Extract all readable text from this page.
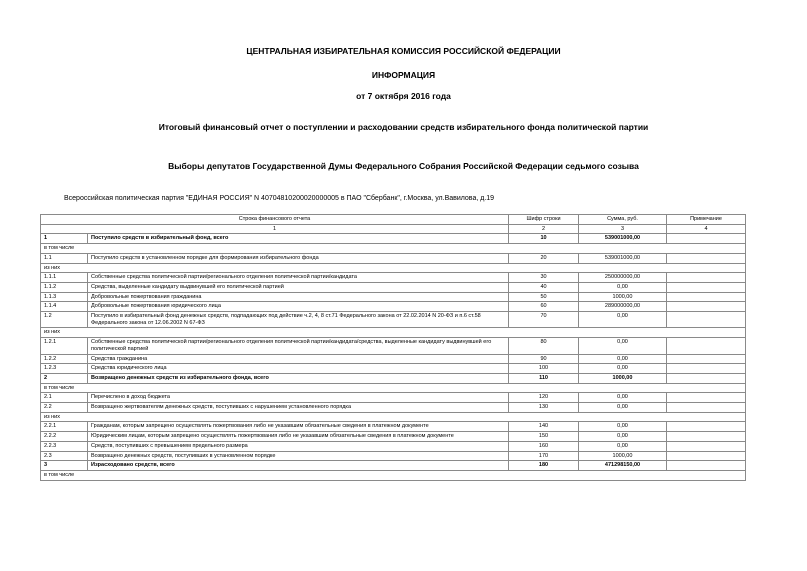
ЦЕНТРАЛЬНАЯ ИЗБИРАТЕЛЬНАЯ КОМИССИЯ РОССИЙСКОЙ ФЕДЕРАЦИИ
ИНФОРМАЦИЯ
от 7 октября 2016 года
Итоговый финансовый отчет о поступлении и расходовании средств избирательного фонда политической партии
Выборы депутатов Государственной Думы Федерального Собрания Российской Федерации седьмого созыва
Всероссийская политическая партия "ЕДИНАЯ РОССИЯ" N 40704810200020000005 в ПАО "Сбербанк", г.Москва, ул.Вавилова, д.19
Строка финансового отчета		Шифр строки	Сумма, руб.	Примечание
1		2	3	4
1	Поступило средств в избирательный фонд, всего	10	539001000,00	
в том числе				
1.1	Поступило средств в установленном порядке для формирования избирательного фонда	20	539001000,00	
из них				
1.1.1	Собственные средства политической партии/регионального отделения политической партии/кандидата	30	250000000,00	
1.1.2	Средства, выделенные кандидату выдвинувшей его политической партией	40	0,00	
1.1.3	Добровольные пожертвования гражданина	50	1000,00	
1.1.4	Добровольные пожертвования юридического лица	60	289000000,00	
1.2	Поступило в избирательный фонд денежных средств, подпадающих под действие ч.2, 4, 8 ст.71 Федерального закона от 22.02.2014 N 20-ФЗ и п.6 ст.58 Федерального закона от 12.06.2002 N 67-ФЗ	70	0,00	
из них				
1.2.1	Собственные средства политической партии/регионального отделения политической партии/кандидата/средства, выделенные кандидату выдвинувшей его политической партией	80	0,00	
1.2.2	Средства гражданина	90	0,00	
1.2.3	Средства юридического лица	100	0,00	
2	Возвращено денежных средств из избирательного фонда, всего	110	1000,00	
в том числе				
2.1	Перечислено в доход бюджета	120	0,00	
2.2	Возвращено жертвователям денежных средств, поступивших с нарушением установленного порядка	130	0,00	
из них				
2.2.1	Гражданам, которым запрещено осуществлять пожертвования либо не указавшим обязательные сведения в платежном документе	140	0,00	
2.2.2	Юридическим лицам, которым запрещено осуществлять пожертвования либо не указавшим обязательные сведения в платежном документе	150	0,00	
2.2.3	Средств, поступивших с превышением предельного размера	160	0,00	
2.3	Возвращено денежных средств, поступивших в установленном порядке	170	1000,00	
3	Израсходовано средств, всего	180	471298150,00	
в том числе				
